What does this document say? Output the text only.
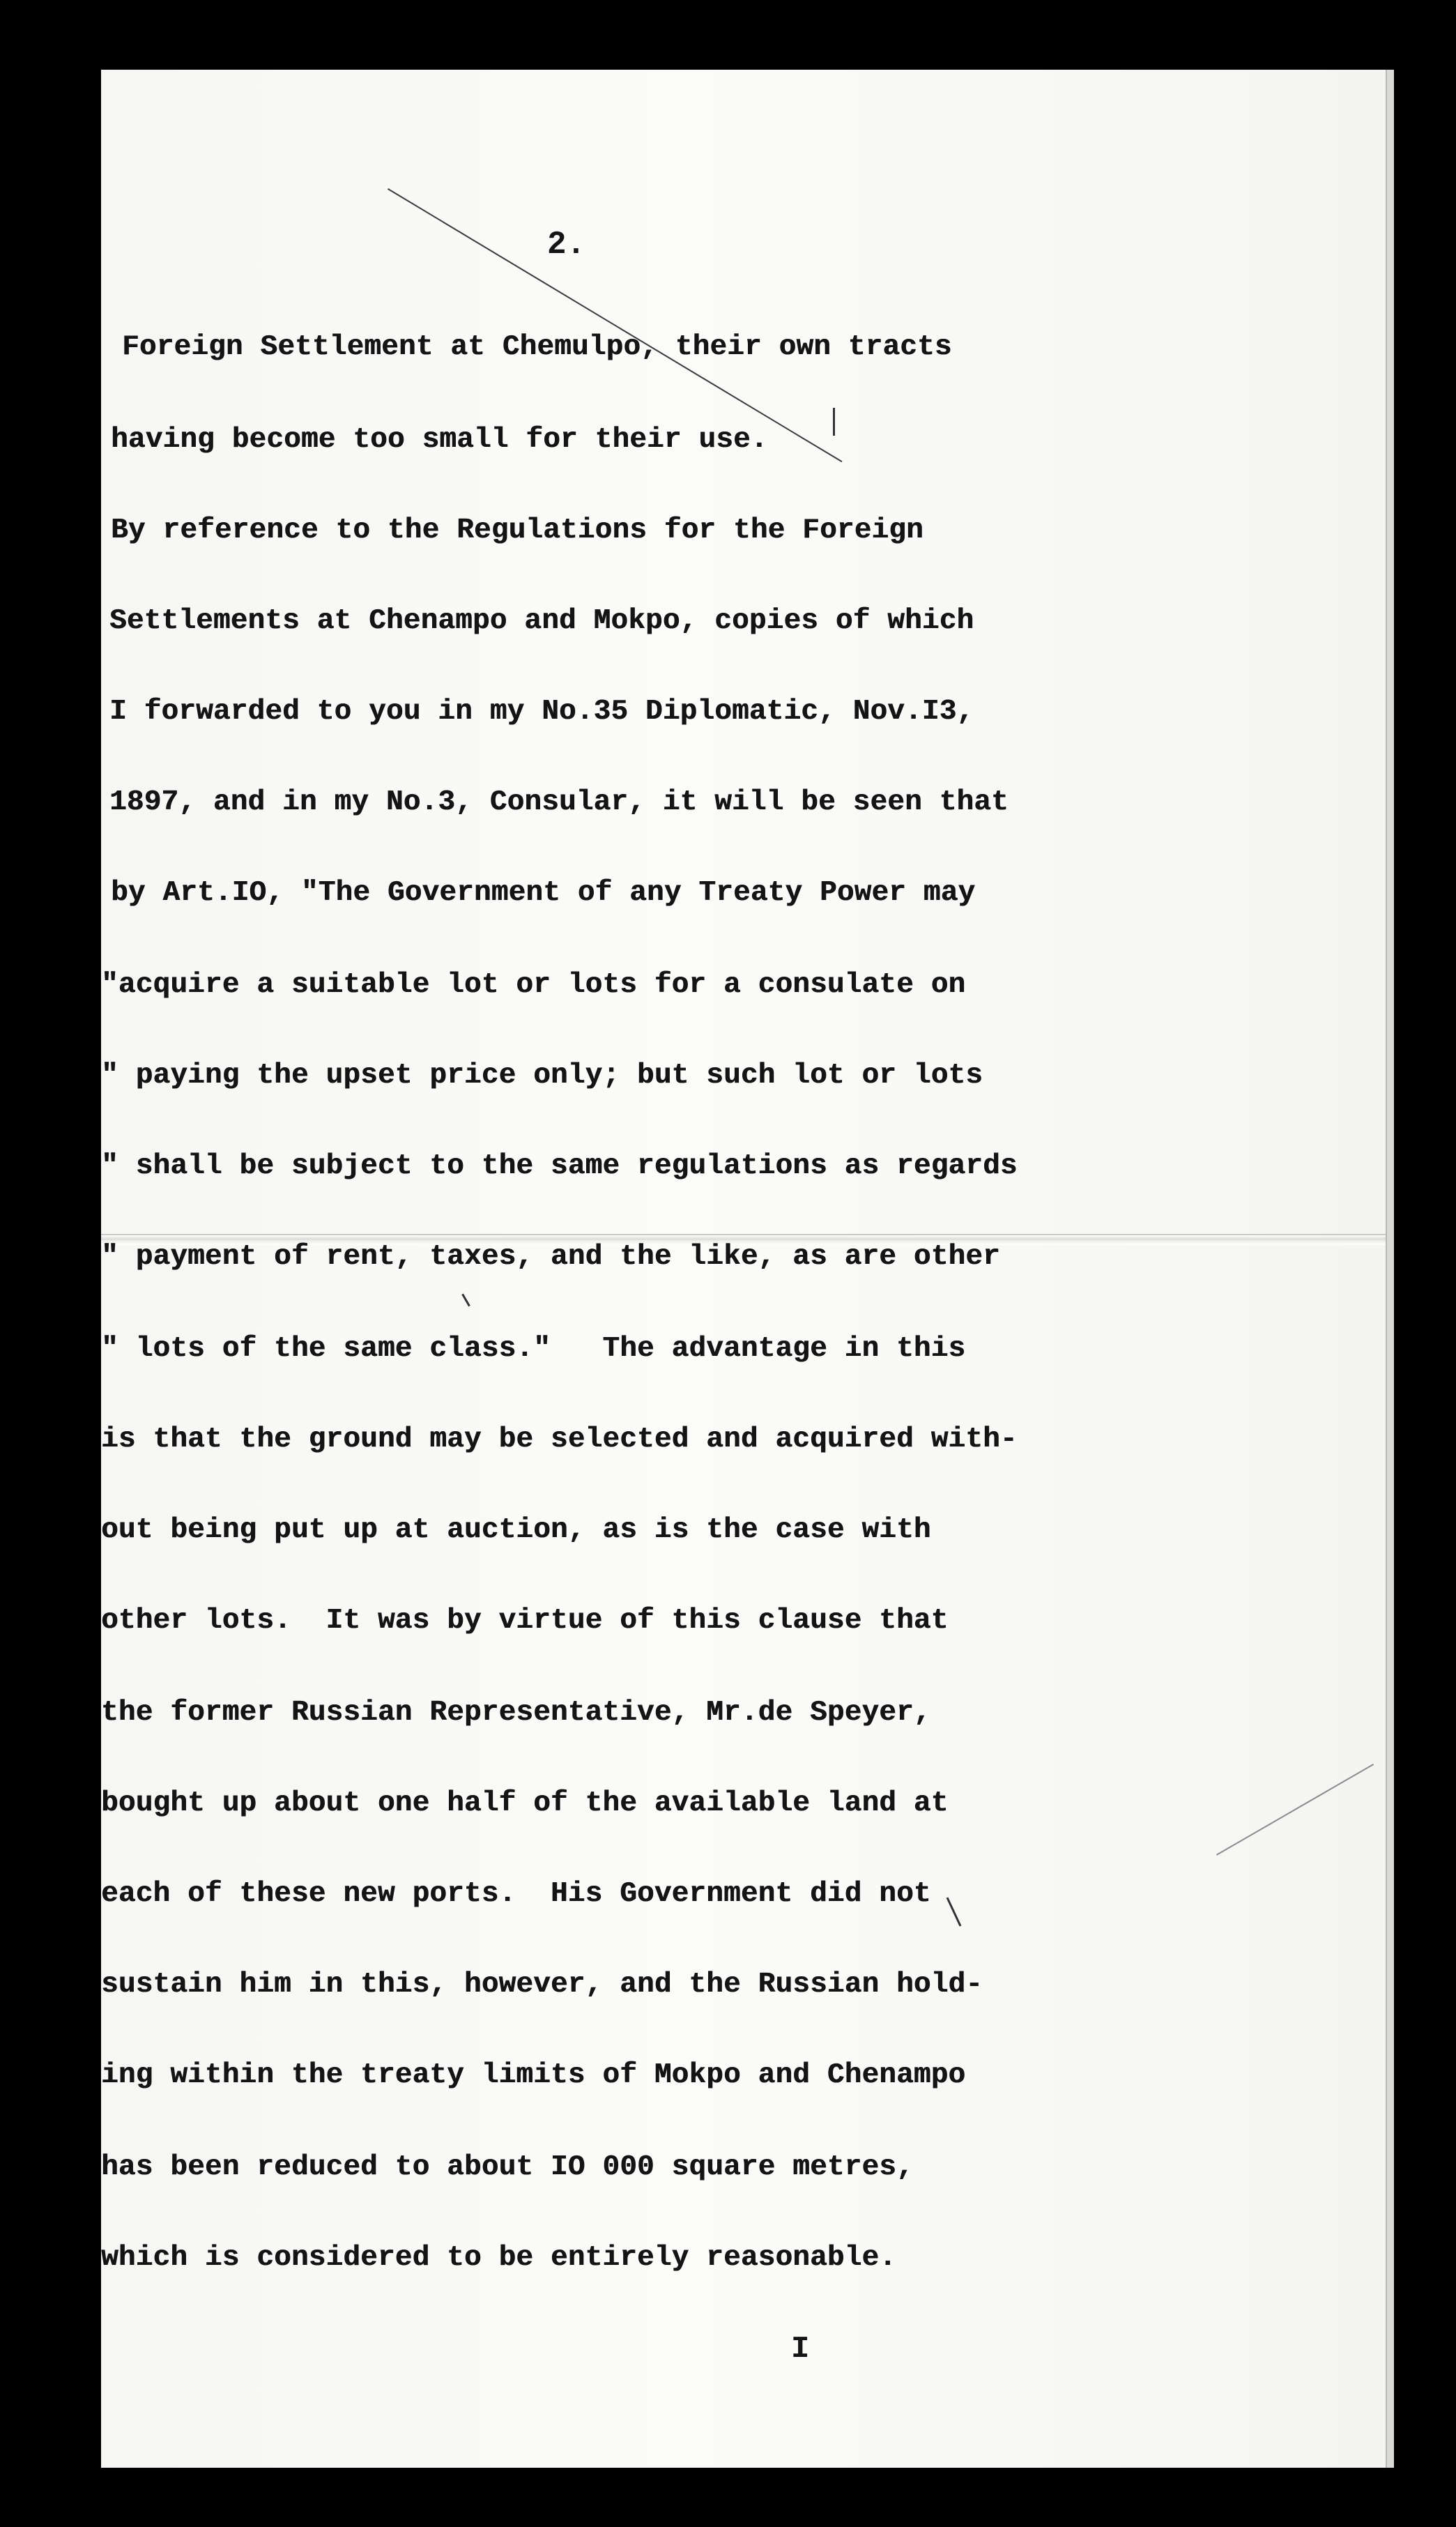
2.

Foreign Settlement at Chemulpo, their own tracts
having become too small for their use.
By reference to the Regulations for the Foreign
Settlements at Chenampo and Mokpo, copies of which
I forwarded to you in my No.35 Diplomatic, Nov.I3,
1897, and in my No.3, Consular, it will be seen that
by Art.IO, "The Government of any Treaty Power may
"acquire a suitable lot or lots for a consulate on
" paying the upset price only; but such lot or lots
" shall be subject to the same regulations as regards
" payment of rent, taxes, and the like, as are other
" lots of the same class."   The advantage in this
is that the ground may be selected and acquired with-
out being put up at auction, as is the case with
other lots.  It was by virtue of this clause that
the former Russian Representative, Mr.de Speyer,
bought up about one half of the available land at
each of these new ports.  His Government did not
sustain him in this, however, and the Russian hold-
ing within the treaty limits of Mokpo and Chenampo
has been reduced to about IO 000 square metres,
which is considered to be entirely reasonable.

I
